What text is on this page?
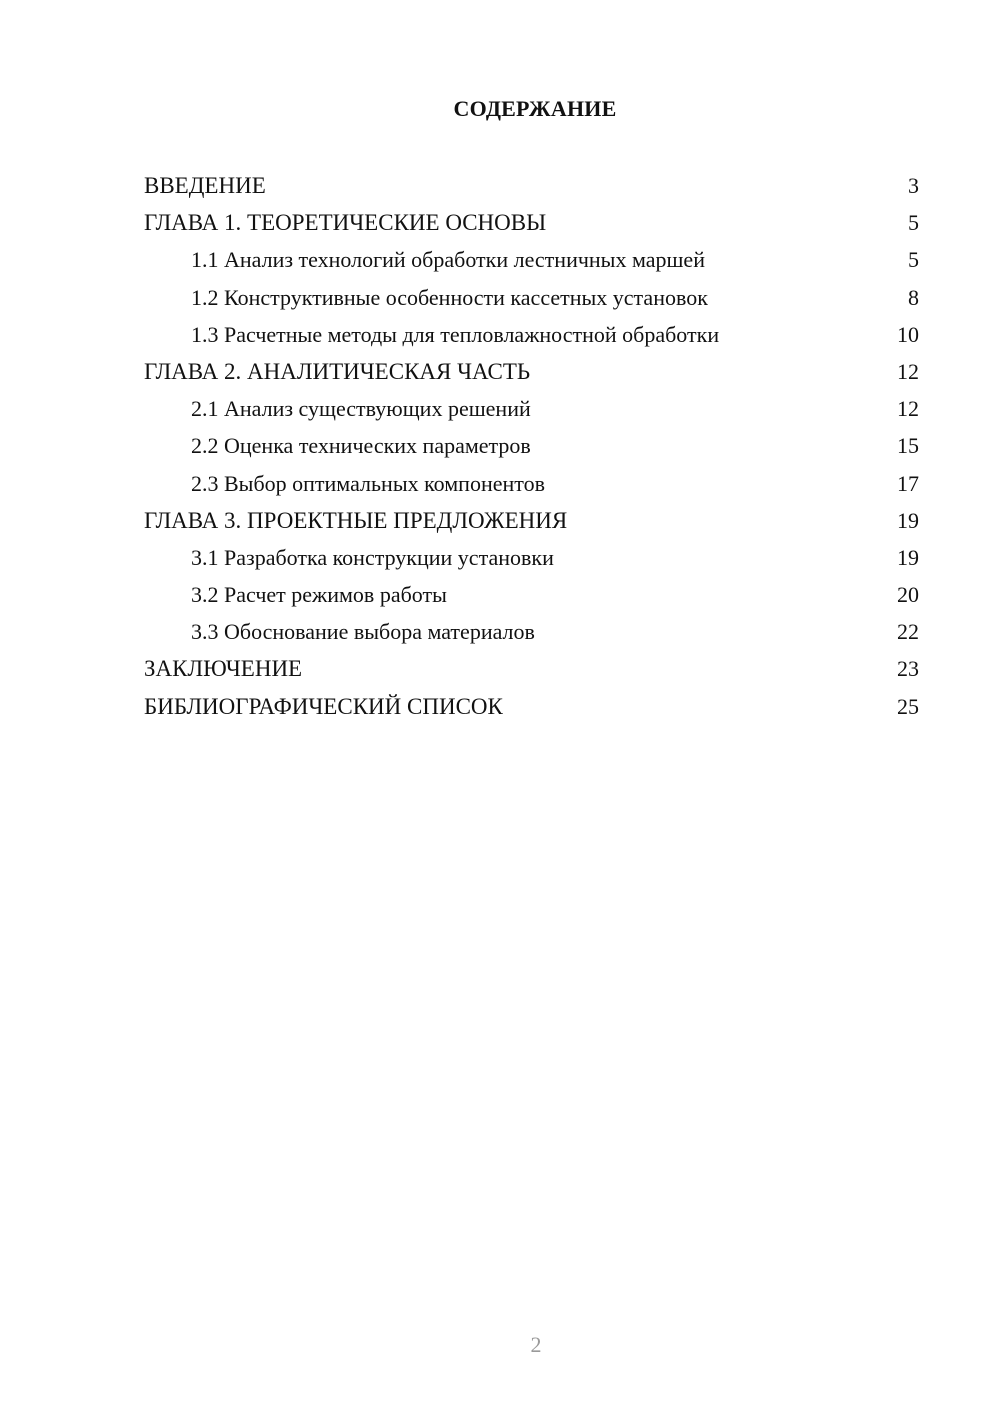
СОДЕРЖАНИЕ
ВВЕДЕНИЕ	3
ГЛАВА 1. ТЕОРЕТИЧЕСКИЕ ОСНОВЫ	5
1.1 Анализ технологий обработки лестничных маршей	5
1.2 Конструктивные особенности кассетных установок	8
1.3 Расчетные методы для тепловлажностной обработки	10
ГЛАВА 2. АНАЛИТИЧЕСКАЯ ЧАСТЬ	12
2.1 Анализ существующих решений	12
2.2 Оценка технических параметров	15
2.3 Выбор оптимальных компонентов	17
ГЛАВА 3. ПРОЕКТНЫЕ ПРЕДЛОЖЕНИЯ	19
3.1 Разработка конструкции установки	19
3.2 Расчет режимов работы	20
3.3 Обоснование выбора материалов	22
ЗАКЛЮЧЕНИЕ	23
БИБЛИОГРАФИЧЕСКИЙ СПИСОК	25
2
